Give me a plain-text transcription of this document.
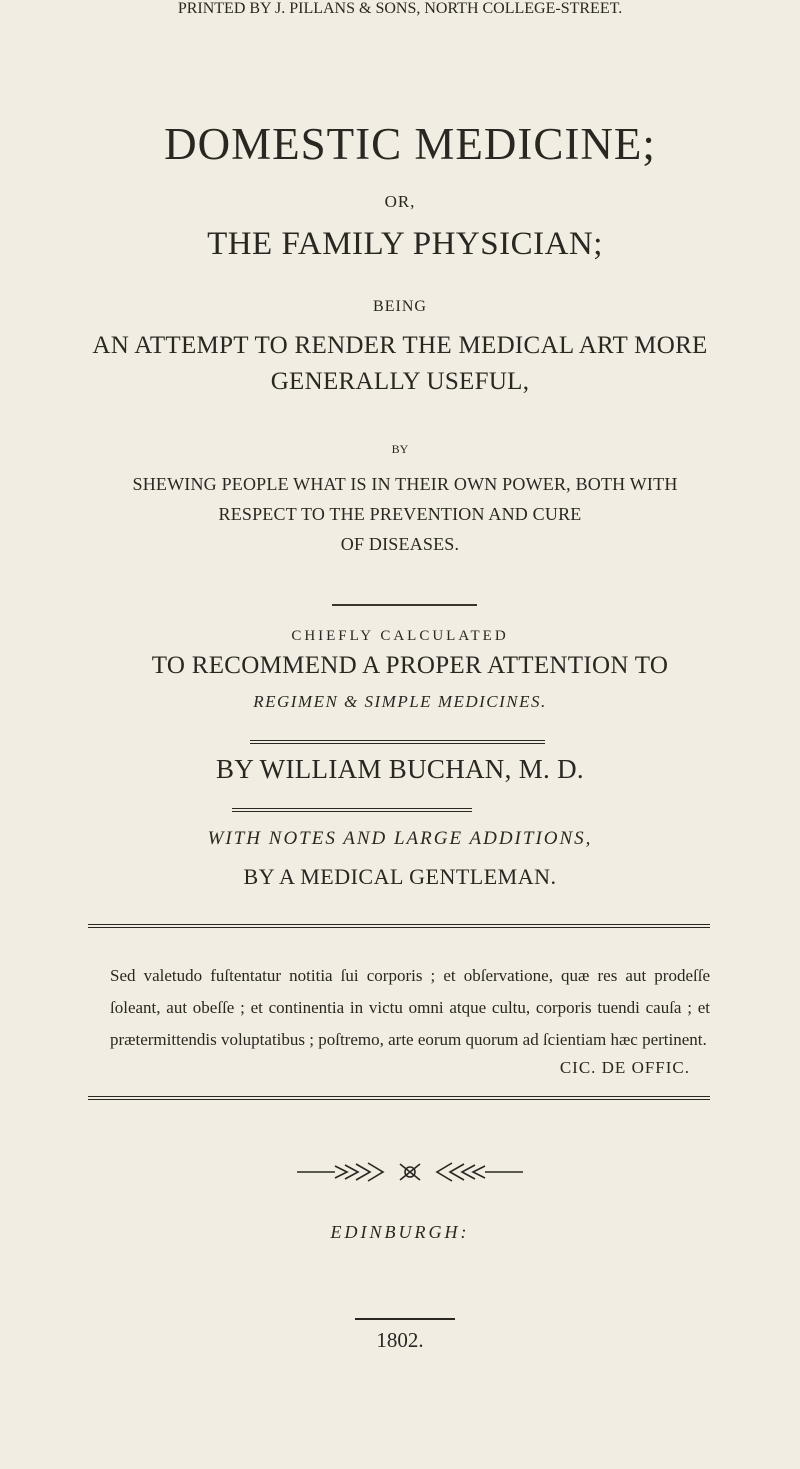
DOMESTIC MEDICINE;
OR,
THE FAMILY PHYSICIAN;
BEING
AN ATTEMPT TO RENDER THE MEDICAL ART MORE
GENERALLY USEFUL,
BY
SHEWING PEOPLE WHAT IS IN THEIR OWN POWER, BOTH WITH
RESPECT TO THE PREVENTION AND CURE
OF DISEASES.
CHIEFLY CALCULATED
TO RECOMMEND A PROPER ATTENTION TO
REGIMEN & SIMPLE MEDICINES.
BY WILLIAM BUCHAN, M. D.
WITH NOTES AND LARGE ADDITIONS,
BY A MEDICAL GENTLEMAN.
Sed valetudo fuſtentatur notitia ſui corporis ; et obſervatione, quæ res aut prodeſſe ſoleant, aut obeſſe ; et continentia in victu omni atque cultu, corporis tuendi cauſa ; et prætermittendis voluptatibus ; poſtremo, arte eorum quorum ad ſcientiam hæc pertinent.
CIC. DE OFFIC.
EDINBURGH:
PRINTED BY J. PILLANS & SONS, NORTH COLLEGE-STREET.
1802.
